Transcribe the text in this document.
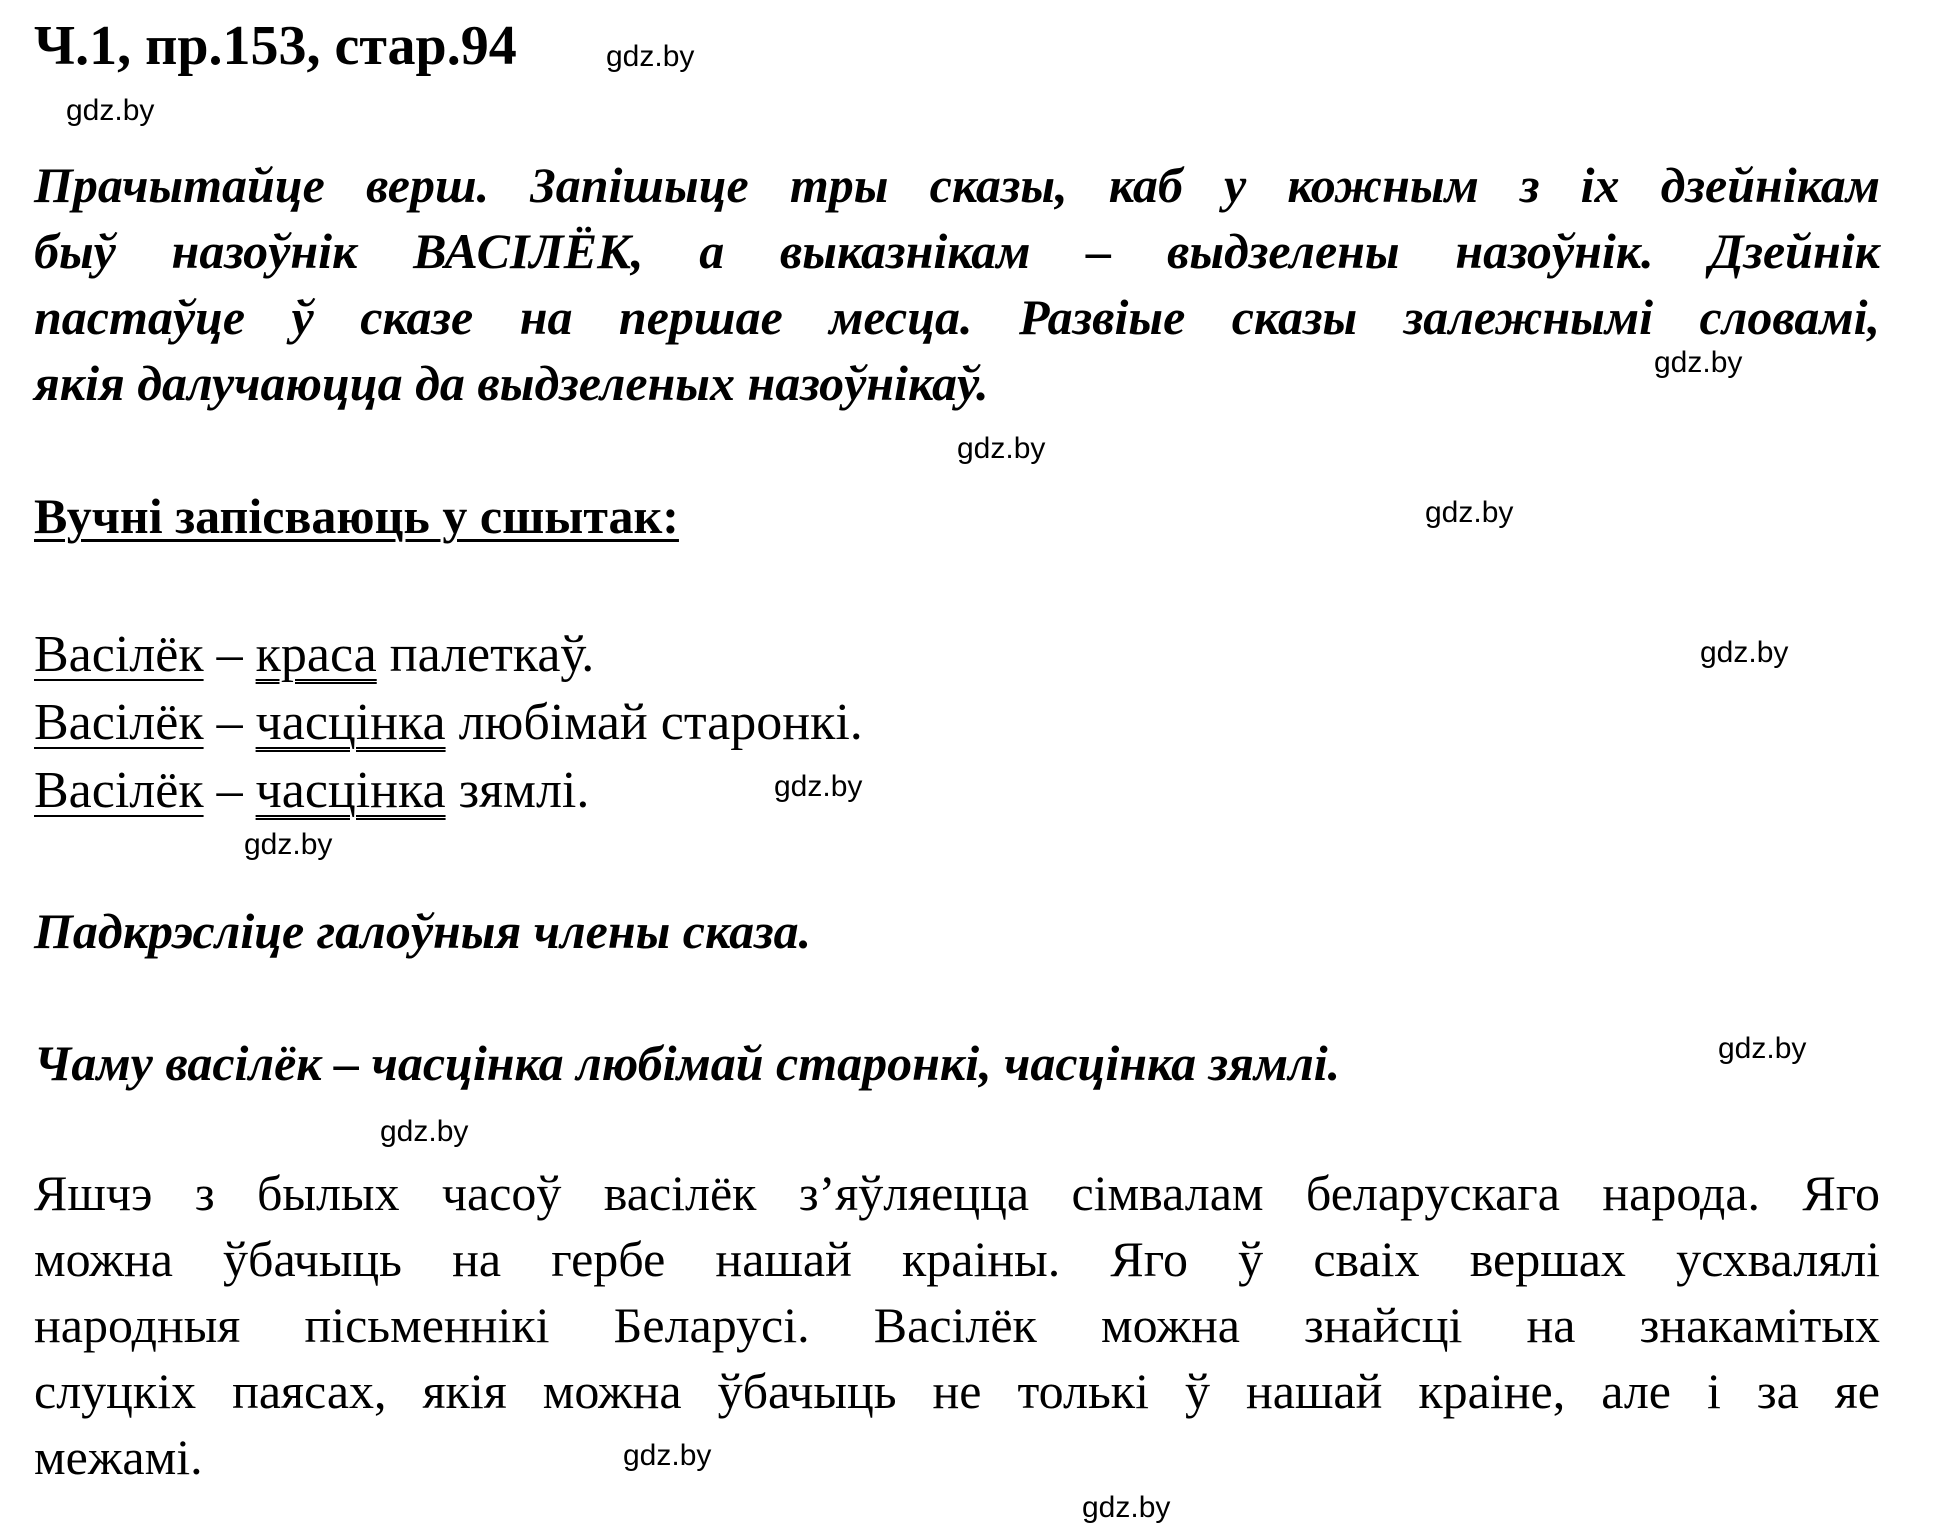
Ч.1, пр.153, стар.94	gdz.by
gdz.by
gdz.by
gdz.by
gdz.by
gdz.by
gdz.by
gdz.by
gdz.by
gdz.by
gdz.by
gdz.by
Прачытайце верш. Запішыце тры сказы, каб у кожным з іх дзейнікам
быў назоўнік ВАСІЛЁК, а выказнікам – выдзелены назоўнік. Дзейнік
пастаўце ў сказе на першае месца. Развіые сказы залежнымі словамі,
якія далучаюцца да выдзеленых назоўнікаў.
Вучні запісваюць у сшытак:
Васілёк – краса палеткаў.
Васілёк – часцінка любімай старонкі.
Васілёк – часцінка зямлі.
Падкрэсліце галоўныя члены сказа.
Чаму васілёк – часцінка любімай старонкі, часцінка зямлі.
Яшчэ з былых часоў васілёк з’яўляецца сімвалам беларускага народа. Яго
можна ўбачыць на гербе нашай краіны. Яго ў сваіх вершах усхвалялі
народныя пісьменнікі Беларусі. Васілёк можна знайсці на знакамітых
слуцкіх паясах, якія можна ўбачыць не толькі ў нашай краіне, але і за яе
межамі.
